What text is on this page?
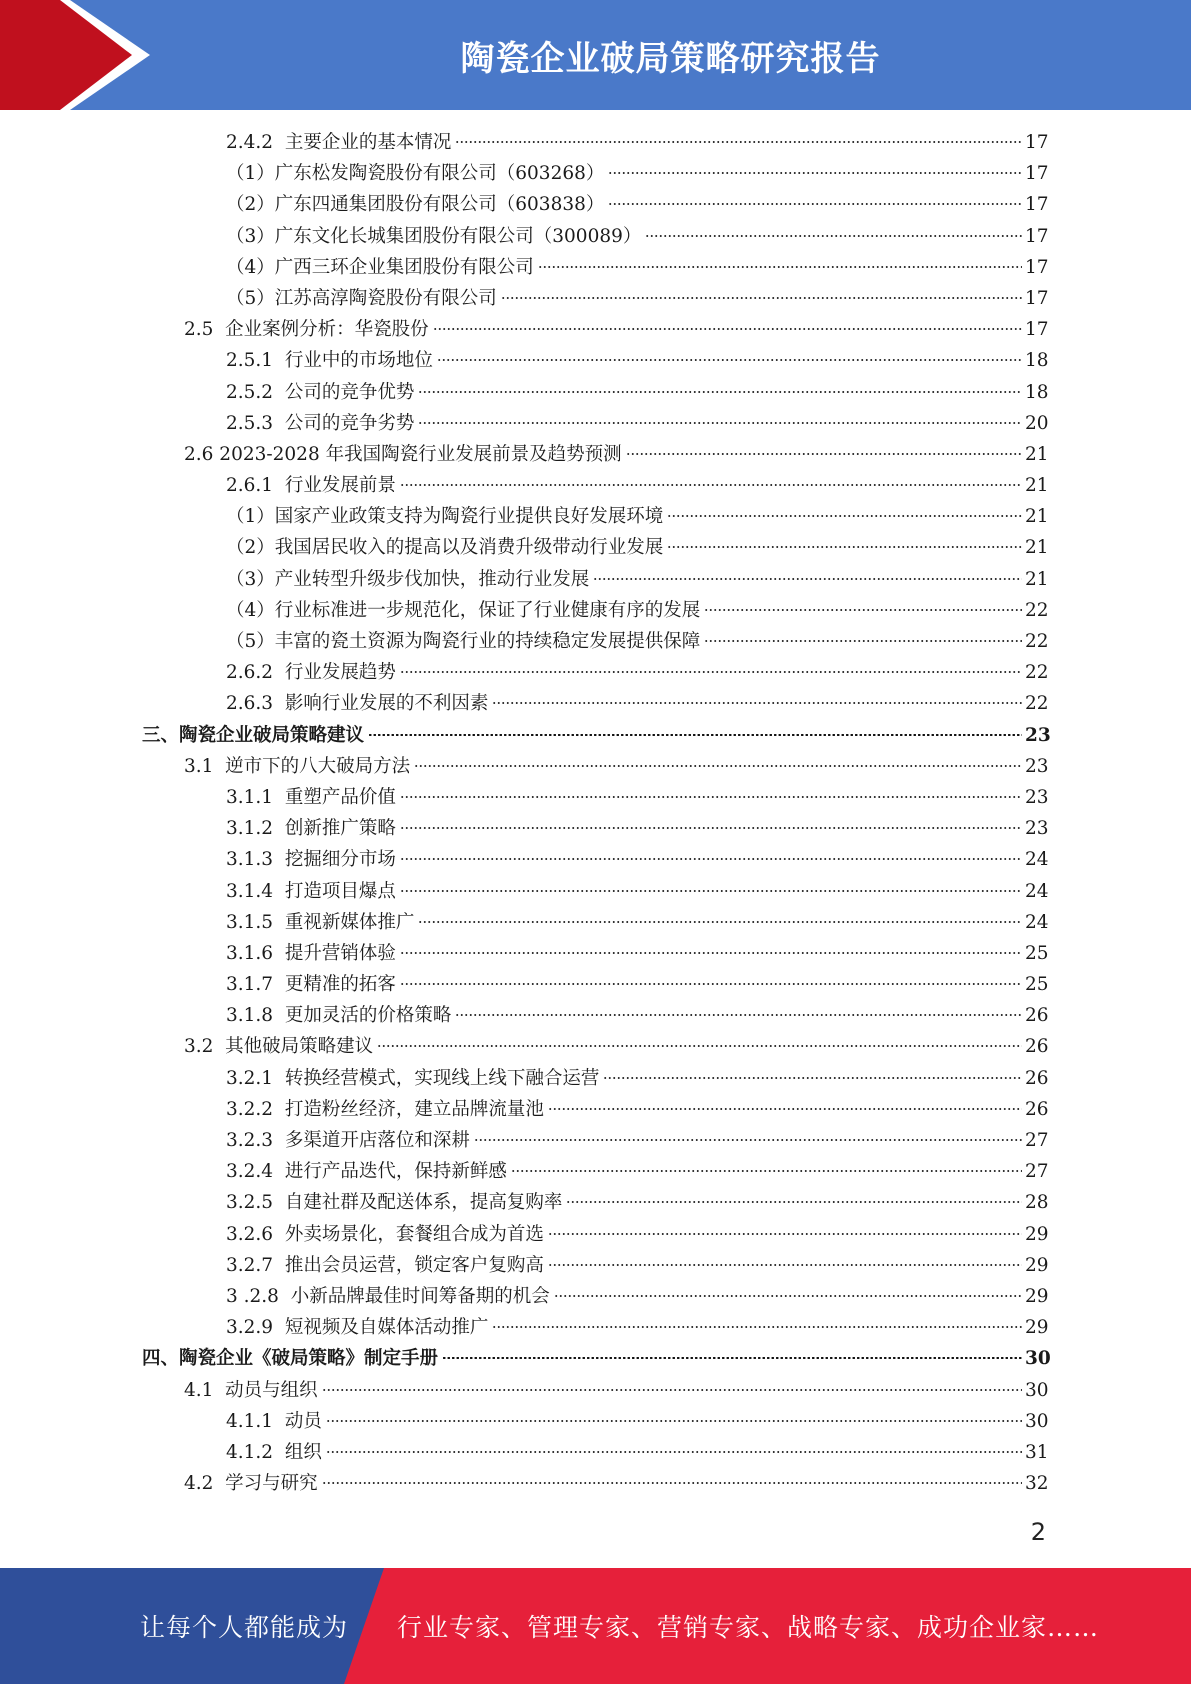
陶瓷企业破局策略研究报告
2.4.2  主要企业的基本情况	17
（1）广东松发陶瓷股份有限公司（603268）	17
（2）广东四通集团股份有限公司（603838）	17
（3）广东文化长城集团股份有限公司（300089）	17
（4）广西三环企业集团股份有限公司	17
（5）江苏高淳陶瓷股份有限公司	17
2.5  企业案例分析：华瓷股份	17
2.5.1  行业中的市场地位	18
2.5.2  公司的竞争优势	18
2.5.3  公司的竞争劣势	20
2.6 2023-2028 年我国陶瓷行业发展前景及趋势预测	21
2.6.1  行业发展前景	21
（1）国家产业政策支持为陶瓷行业提供良好发展环境	21
（2）我国居民收入的提高以及消费升级带动行业发展	21
（3）产业转型升级步伐加快，推动行业发展	21
（4）行业标准进一步规范化，保证了行业健康有序的发展	22
（5）丰富的瓷土资源为陶瓷行业的持续稳定发展提供保障	22
2.6.2  行业发展趋势	22
2.6.3  影响行业发展的不利因素	22
三、陶瓷企业破局策略建议	23
3.1  逆市下的八大破局方法	23
3.1.1  重塑产品价值	23
3.1.2  创新推广策略	23
3.1.3  挖掘细分市场	24
3.1.4  打造项目爆点	24
3.1.5  重视新媒体推广	24
3.1.6  提升营销体验	25
3.1.7  更精准的拓客	25
3.1.8  更加灵活的价格策略	26
3.2  其他破局策略建议	26
3.2.1  转换经营模式，实现线上线下融合运营	26
3.2.2  打造粉丝经济，建立品牌流量池	26
3.2.3  多渠道开店落位和深耕	27
3.2.4  进行产品迭代，保持新鲜感	27
3.2.5  自建社群及配送体系，提高复购率	28
3.2.6  外卖场景化，套餐组合成为首选	29
3.2.7  推出会员运营，锁定客户复购高	29
3 .2.8  小新品牌最佳时间筹备期的机会	29
3.2.9  短视频及自媒体活动推广	29
四、陶瓷企业《破局策略》制定手册	30
4.1  动员与组织	30
4.1.1  动员	30
4.1.2  组织	31
4.2  学习与研究	32
2
让每个人都能成为 行业专家、管理专家、营销专家、战略专家、成功企业家……
